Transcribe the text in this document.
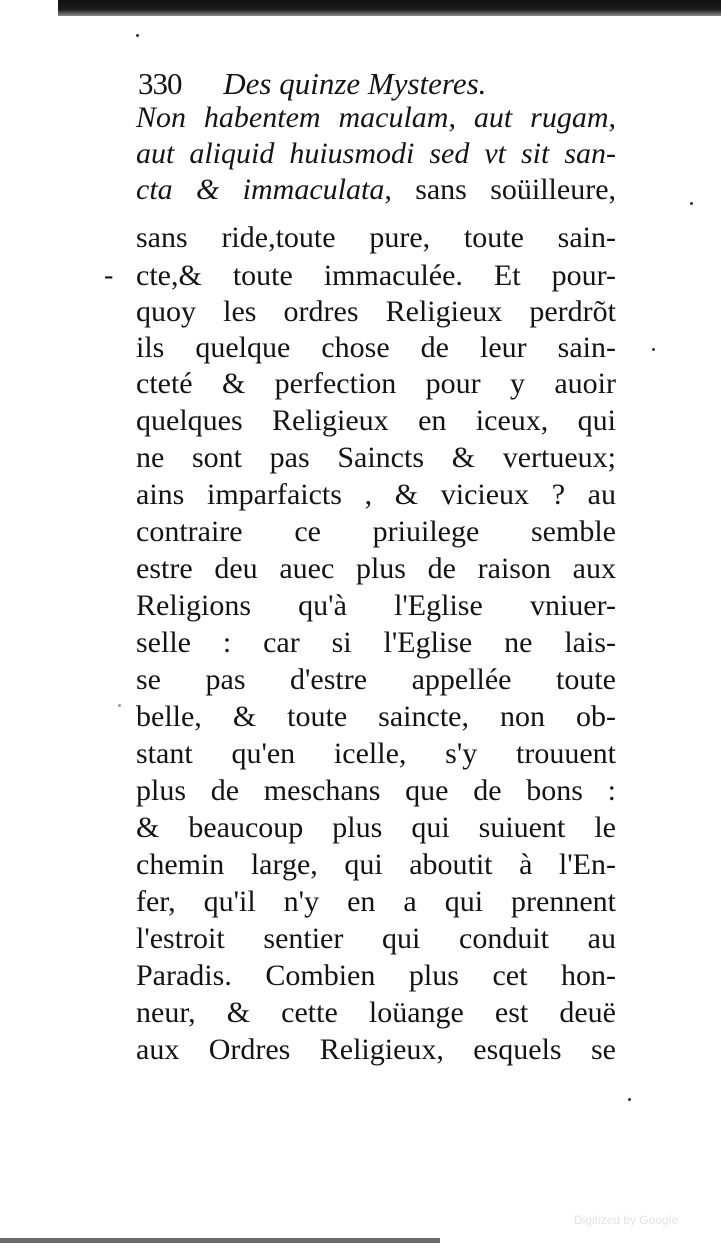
330 Des quinze Mysteres.
-
Non habentem maculam, aut rugam,
aut aliquid huiusmodi sed vt sit san-
cta & immaculata, sans soüilleure,
sans ride,toute pure, toute sain-
cte,& toute immaculée. Et pour-
quoy les ordres Religieux perdrõt
ils quelque chose de leur sain-
cteté & perfection pour y auoir
quelques Religieux en iceux, qui
ne sont pas Saincts & vertueux;
ains imparfaicts , & vicieux ? au
contraire ce priuilege semble
estre deu auec plus de raison aux
Religions qu'à l'Eglise vniuer-
selle : car si l'Eglise ne lais-
se pas d'estre appellée toute
belle, & toute saincte, non ob-
stant qu'en icelle, s'y trouuent
plus de meschans que de bons :
& beaucoup plus qui suiuent le
chemin large, qui aboutit à l'En-
fer, qu'il n'y en a qui prennent
l'estroit sentier qui conduit au
Paradis. Combien plus cet hon-
neur, & cette loüange est deuë
aux Ordres Religieux, esquels se
Digitized by Google
